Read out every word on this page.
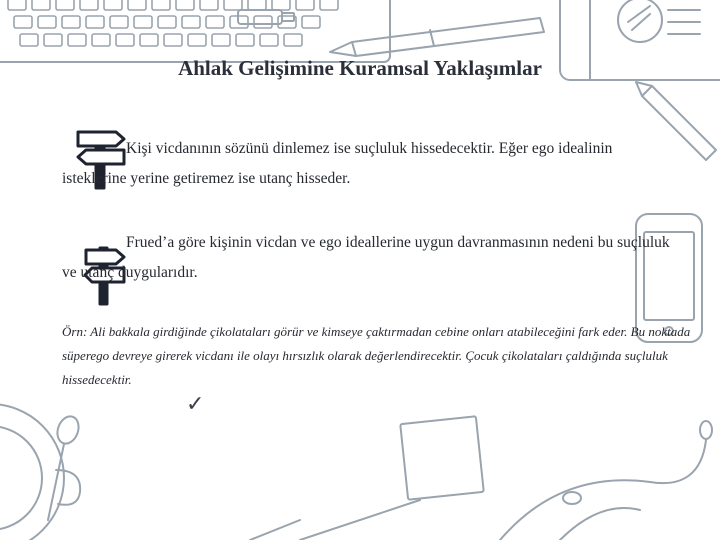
Ahlak Gelişimine Kuramsal Yaklaşımlar

Kişi vicdanının sözünü dinlemez ise suçluluk hissedecektir. Eğer ego idealinin isteklerine yerine getiremez ise utanç hisseder.

Frued’a göre kişinin vicdan ve ego ideallerine uygun davranmasının nedeni bu suçluluk ve utanç duygularıdır.

Örn: Ali bakkala girdiğinde çikolataları görür ve kimseye çaktırmadan cebine onları atabileceğini fark eder. Bu noktada süperego devreye girerek vicdanı ile olayı hırsızlık olarak değerlendirecektir. Çocuk çikolataları çaldığında suçluluk hissedecektir.

✓
